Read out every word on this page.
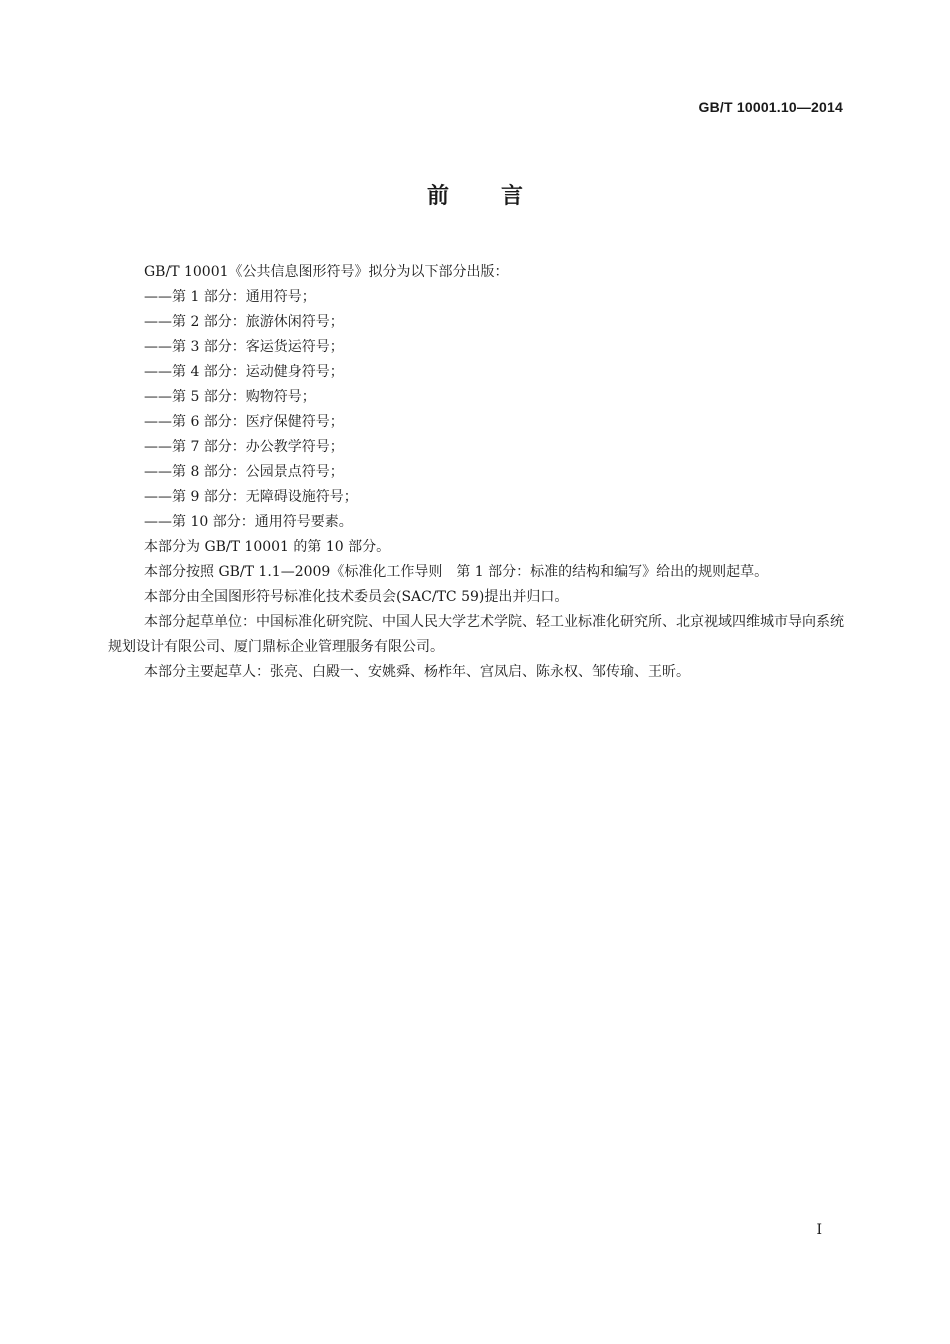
GB/T 10001.10—2014
前 言

GB/T 10001《公共信息图形符号》拟分为以下部分出版：

——第 1 部分：通用符号；

——第 2 部分：旅游休闲符号；

——第 3 部分：客运货运符号；

——第 4 部分：运动健身符号；

——第 5 部分：购物符号；

——第 6 部分：医疗保健符号；

——第 7 部分：办公教学符号；

——第 8 部分：公园景点符号；

——第 9 部分：无障碍设施符号；

——第 10 部分：通用符号要素。

本部分为 GB/T 10001 的第 10 部分。

本部分按照 GB/T 1.1—2009《标准化工作导则　第 1 部分：标准的结构和编写》给出的规则起草。

本部分由全国图形符号标准化技术委员会(SAC/TC 59)提出并归口。

本部分起草单位：中国标准化研究院、中国人民大学艺术学院、轻工业标准化研究所、北京视域四维城市导向系统规划设计有限公司、厦门鼎标企业管理服务有限公司。

本部分主要起草人：张亮、白殿一、安姚舜、杨柞年、宫凤启、陈永权、邹传瑜、王昕。

I
